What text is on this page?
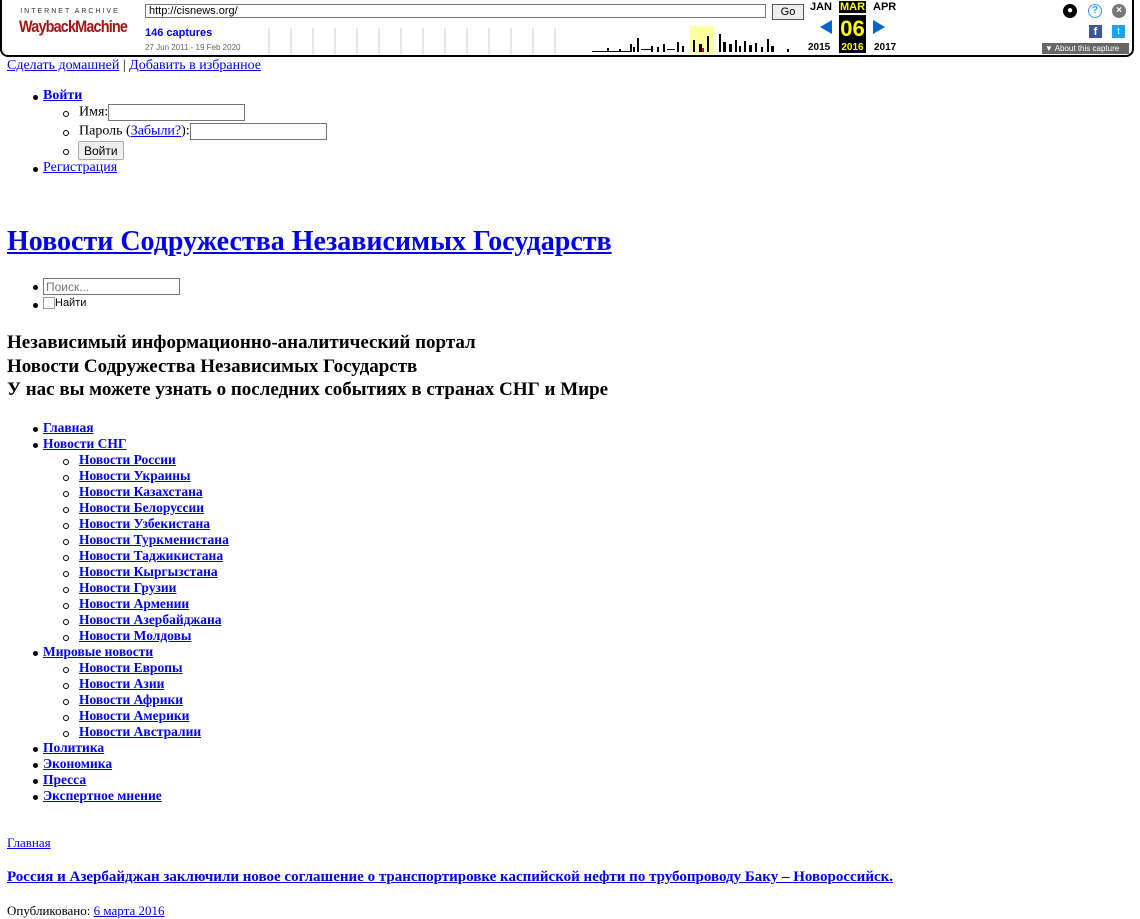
INTERNET ARCHIVE
WaybackMachine
http://cisnews.org/
Go
146 captures
27 Jun 2011 - 19 Feb 2020
JAN MAR APR
06
2015 2016 2017
●	?	×
f	t
▼ About this capture
Сделать домашней | Добавить в избранное
Войти
Имя:
Пароль (Забыли?):
Войти
Регистрация
Новости Содружества Независимых Государств
Поиск...
Найти
Независимый информационно-аналитический портал
Новости Содружества Независимых Государств
У нас вы можете узнать о последних событиях в странах СНГ и Мире
Главная
Новости СНГ
Новости России
Новости Украины
Новости Казахстана
Новости Белоруссии
Новости Узбекистана
Новости Туркменистана
Новости Таджикистана
Новости Кыргызстана
Новости Грузии
Новости Армении
Новости Азербайджана
Новости Молдовы
Мировые новости
Новости Европы
Новости Азии
Новости Африки
Новости Америки
Новости Австралии
Политика
Экономика
Пресса
Экспертное мнение
Главная
Россия и Азербайджан заключили новое соглашение о транспортировке каспийской нефти по трубопроводу Баку – Новороссийск.
Опубликовано: 6 марта 2016
